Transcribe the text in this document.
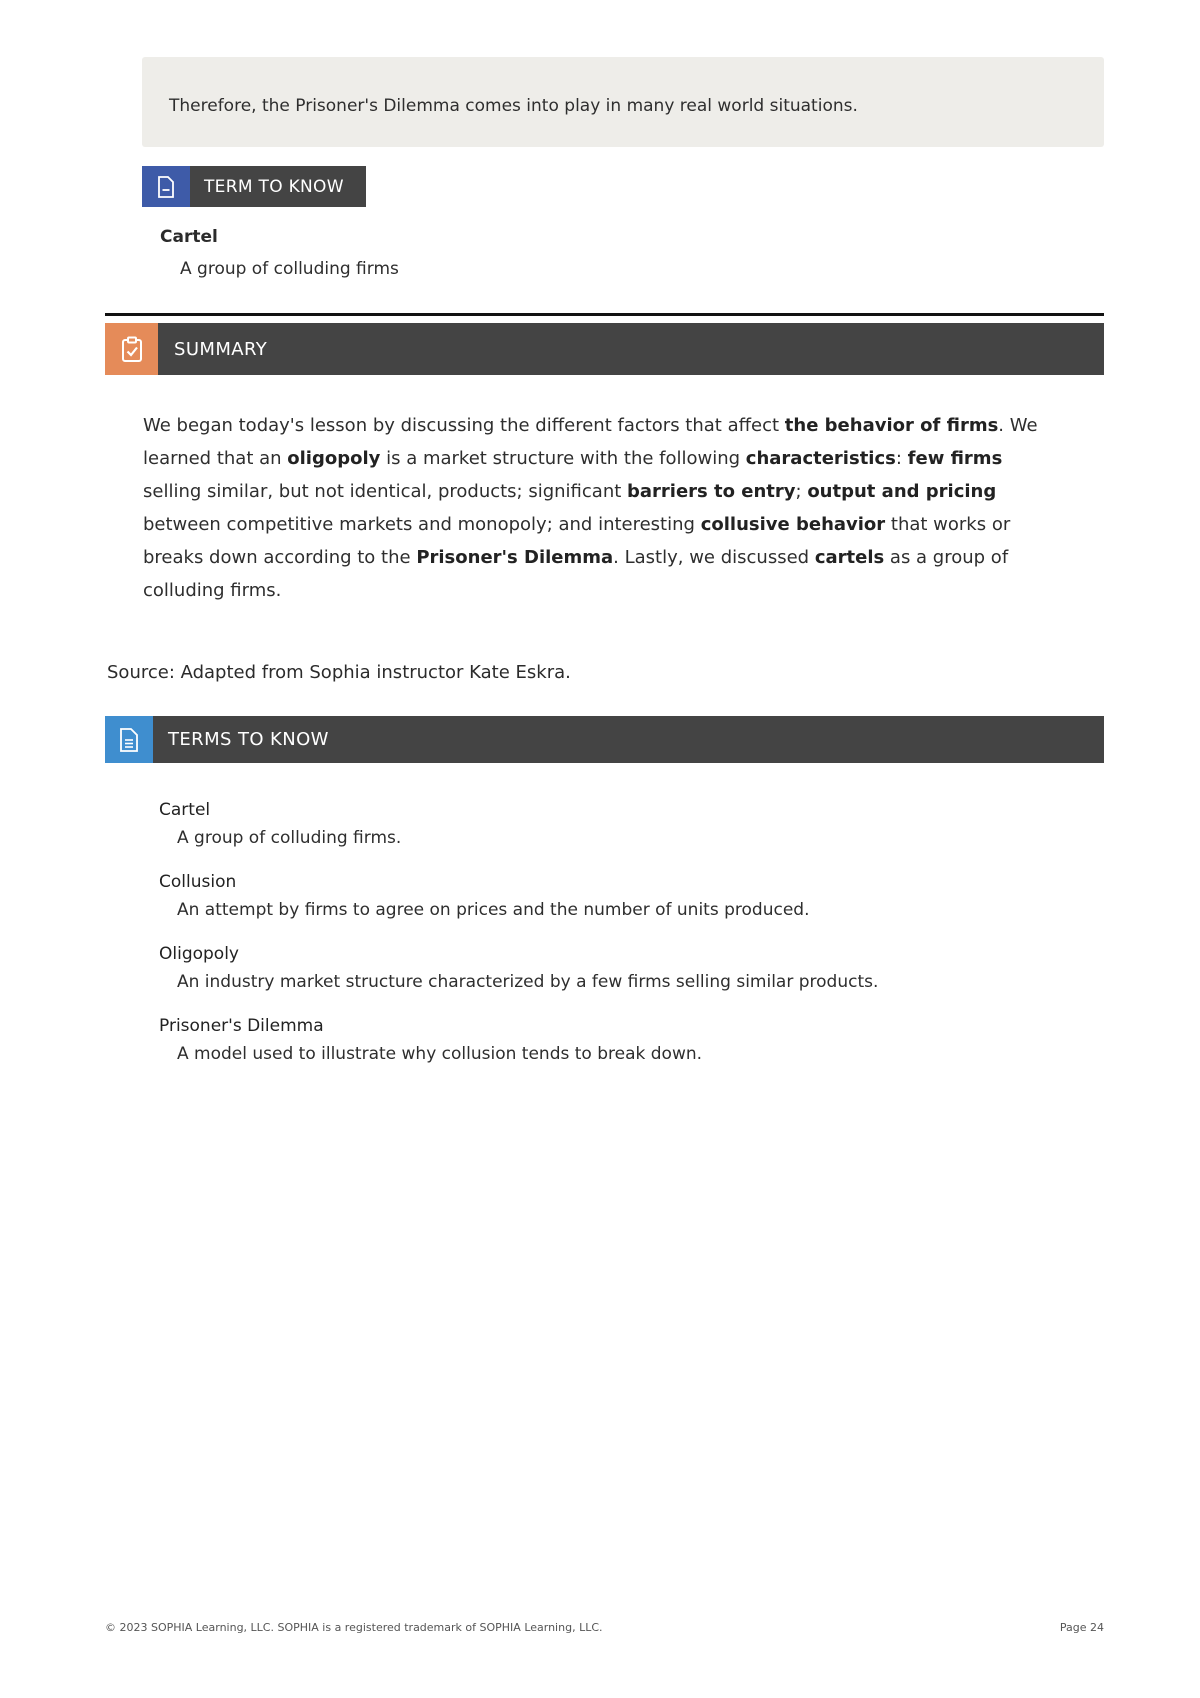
Therefore, the Prisoner's Dilemma comes into play in many real world situations.
TERM TO KNOW
Cartel
A group of colluding firms
SUMMARY
We began today's lesson by discussing the different factors that affect the behavior of firms. We learned that an oligopoly is a market structure with the following characteristics: few firms selling similar, but not identical, products; significant barriers to entry; output and pricing between competitive markets and monopoly; and interesting collusive behavior that works or breaks down according to the Prisoner's Dilemma. Lastly, we discussed cartels as a group of colluding firms.
Source: Adapted from Sophia instructor Kate Eskra.
TERMS TO KNOW
Cartel
A group of colluding firms.
Collusion
An attempt by firms to agree on prices and the number of units produced.
Oligopoly
An industry market structure characterized by a few firms selling similar products.
Prisoner's Dilemma
A model used to illustrate why collusion tends to break down.
© 2023 SOPHIA Learning, LLC. SOPHIA is a registered trademark of SOPHIA Learning, LLC.	Page 24
